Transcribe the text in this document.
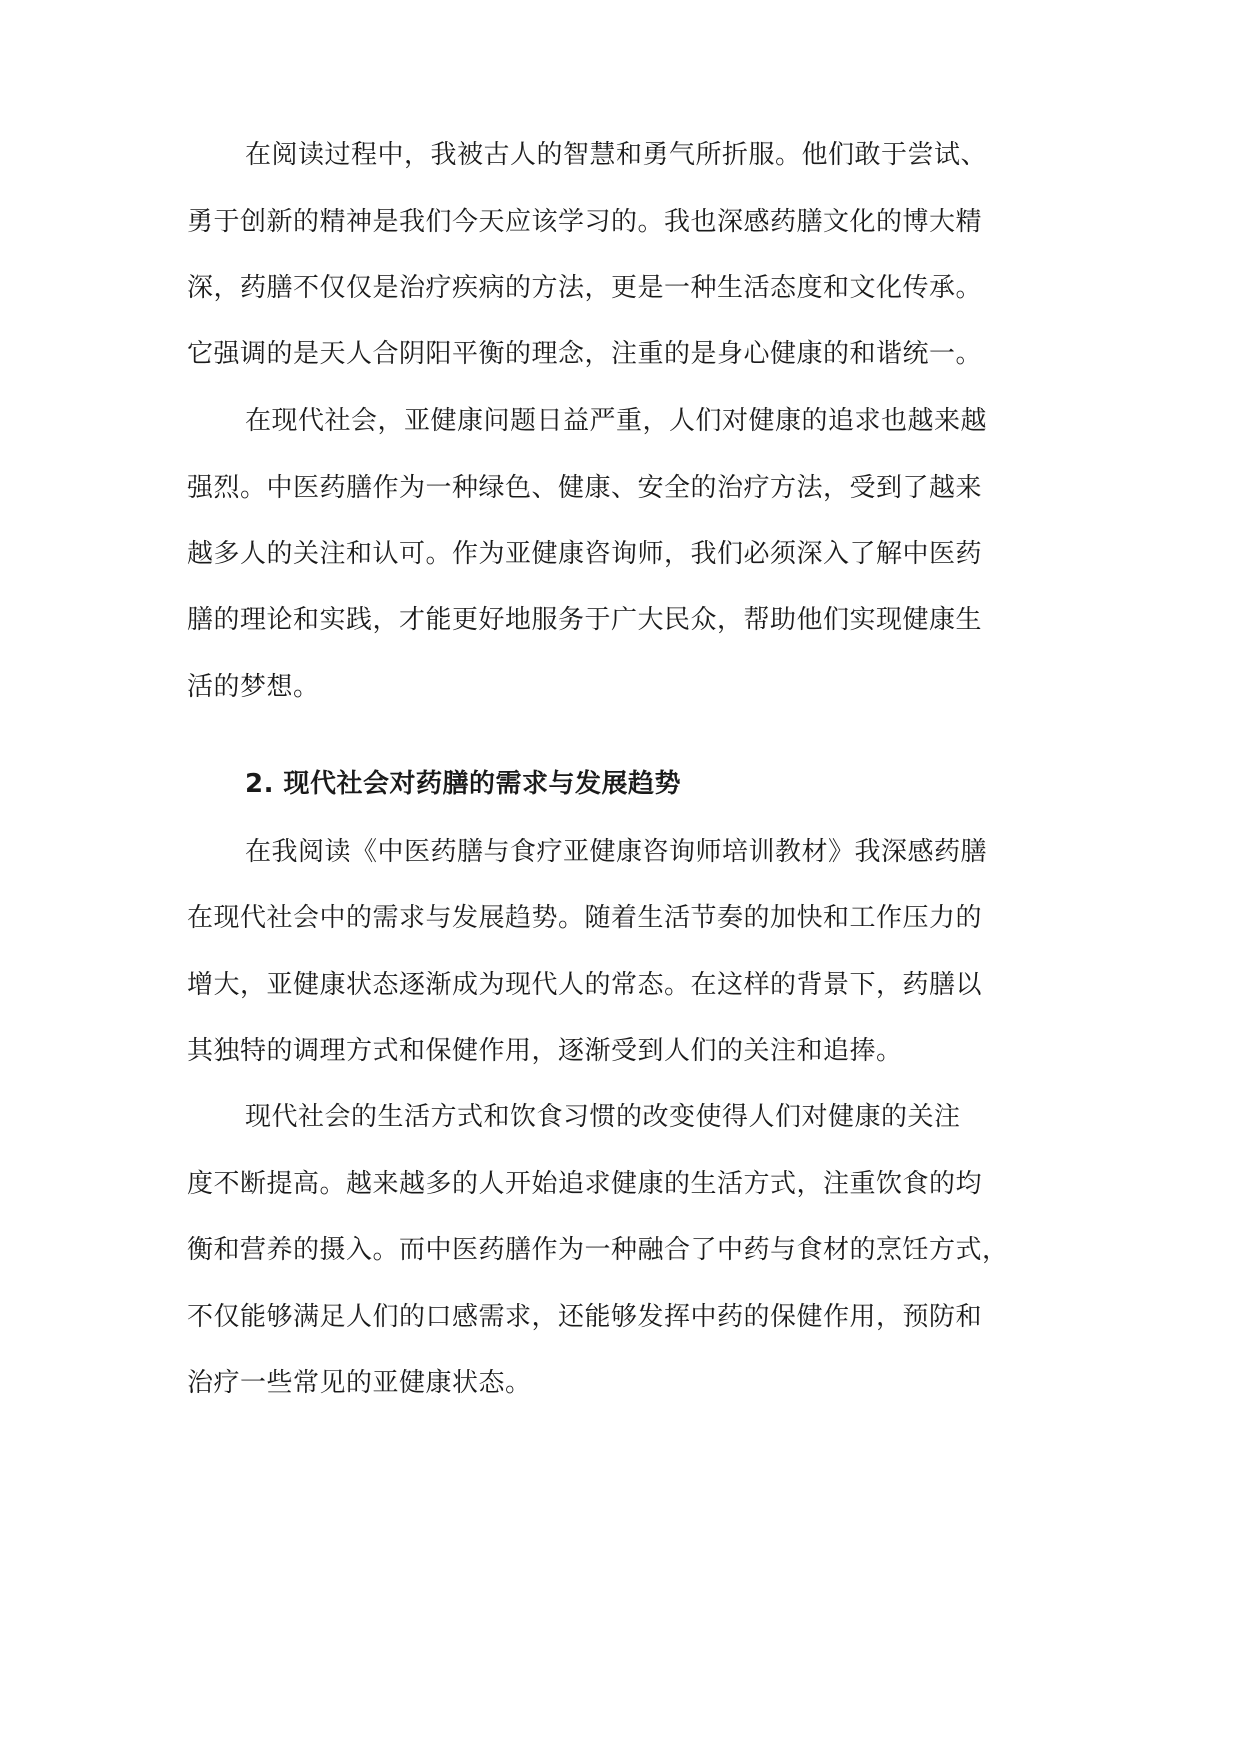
在阅读过程中，我被古人的智慧和勇气所折服。他们敢于尝试、

勇于创新的精神是我们今天应该学习的。我也深感药膳文化的博大精

深，药膳不仅仅是治疗疾病的方法，更是一种生活态度和文化传承。

它强调的是天人合阴阳平衡的理念，注重的是身心健康的和谐统一。

在现代社会，亚健康问题日益严重，人们对健康的追求也越来越

强烈。中医药膳作为一种绿色、健康、安全的治疗方法，受到了越来

越多人的关注和认可。作为亚健康咨询师，我们必须深入了解中医药

膳的理论和实践，才能更好地服务于广大民众，帮助他们实现健康生

活的梦想。

2. 现代社会对药膳的需求与发展趋势

在我阅读《中医药膳与食疗亚健康咨询师培训教材》我深感药膳

在现代社会中的需求与发展趋势。随着生活节奏的加快和工作压力的

增大，亚健康状态逐渐成为现代人的常态。在这样的背景下，药膳以

其独特的调理方式和保健作用，逐渐受到人们的关注和追捧。

现代社会的生活方式和饮食习惯的改变使得人们对健康的关注

度不断提高。越来越多的人开始追求健康的生活方式，注重饮食的均

衡和营养的摄入。而中医药膳作为一种融合了中药与食材的烹饪方式，

不仅能够满足人们的口感需求，还能够发挥中药的保健作用，预防和

治疗一些常见的亚健康状态。
